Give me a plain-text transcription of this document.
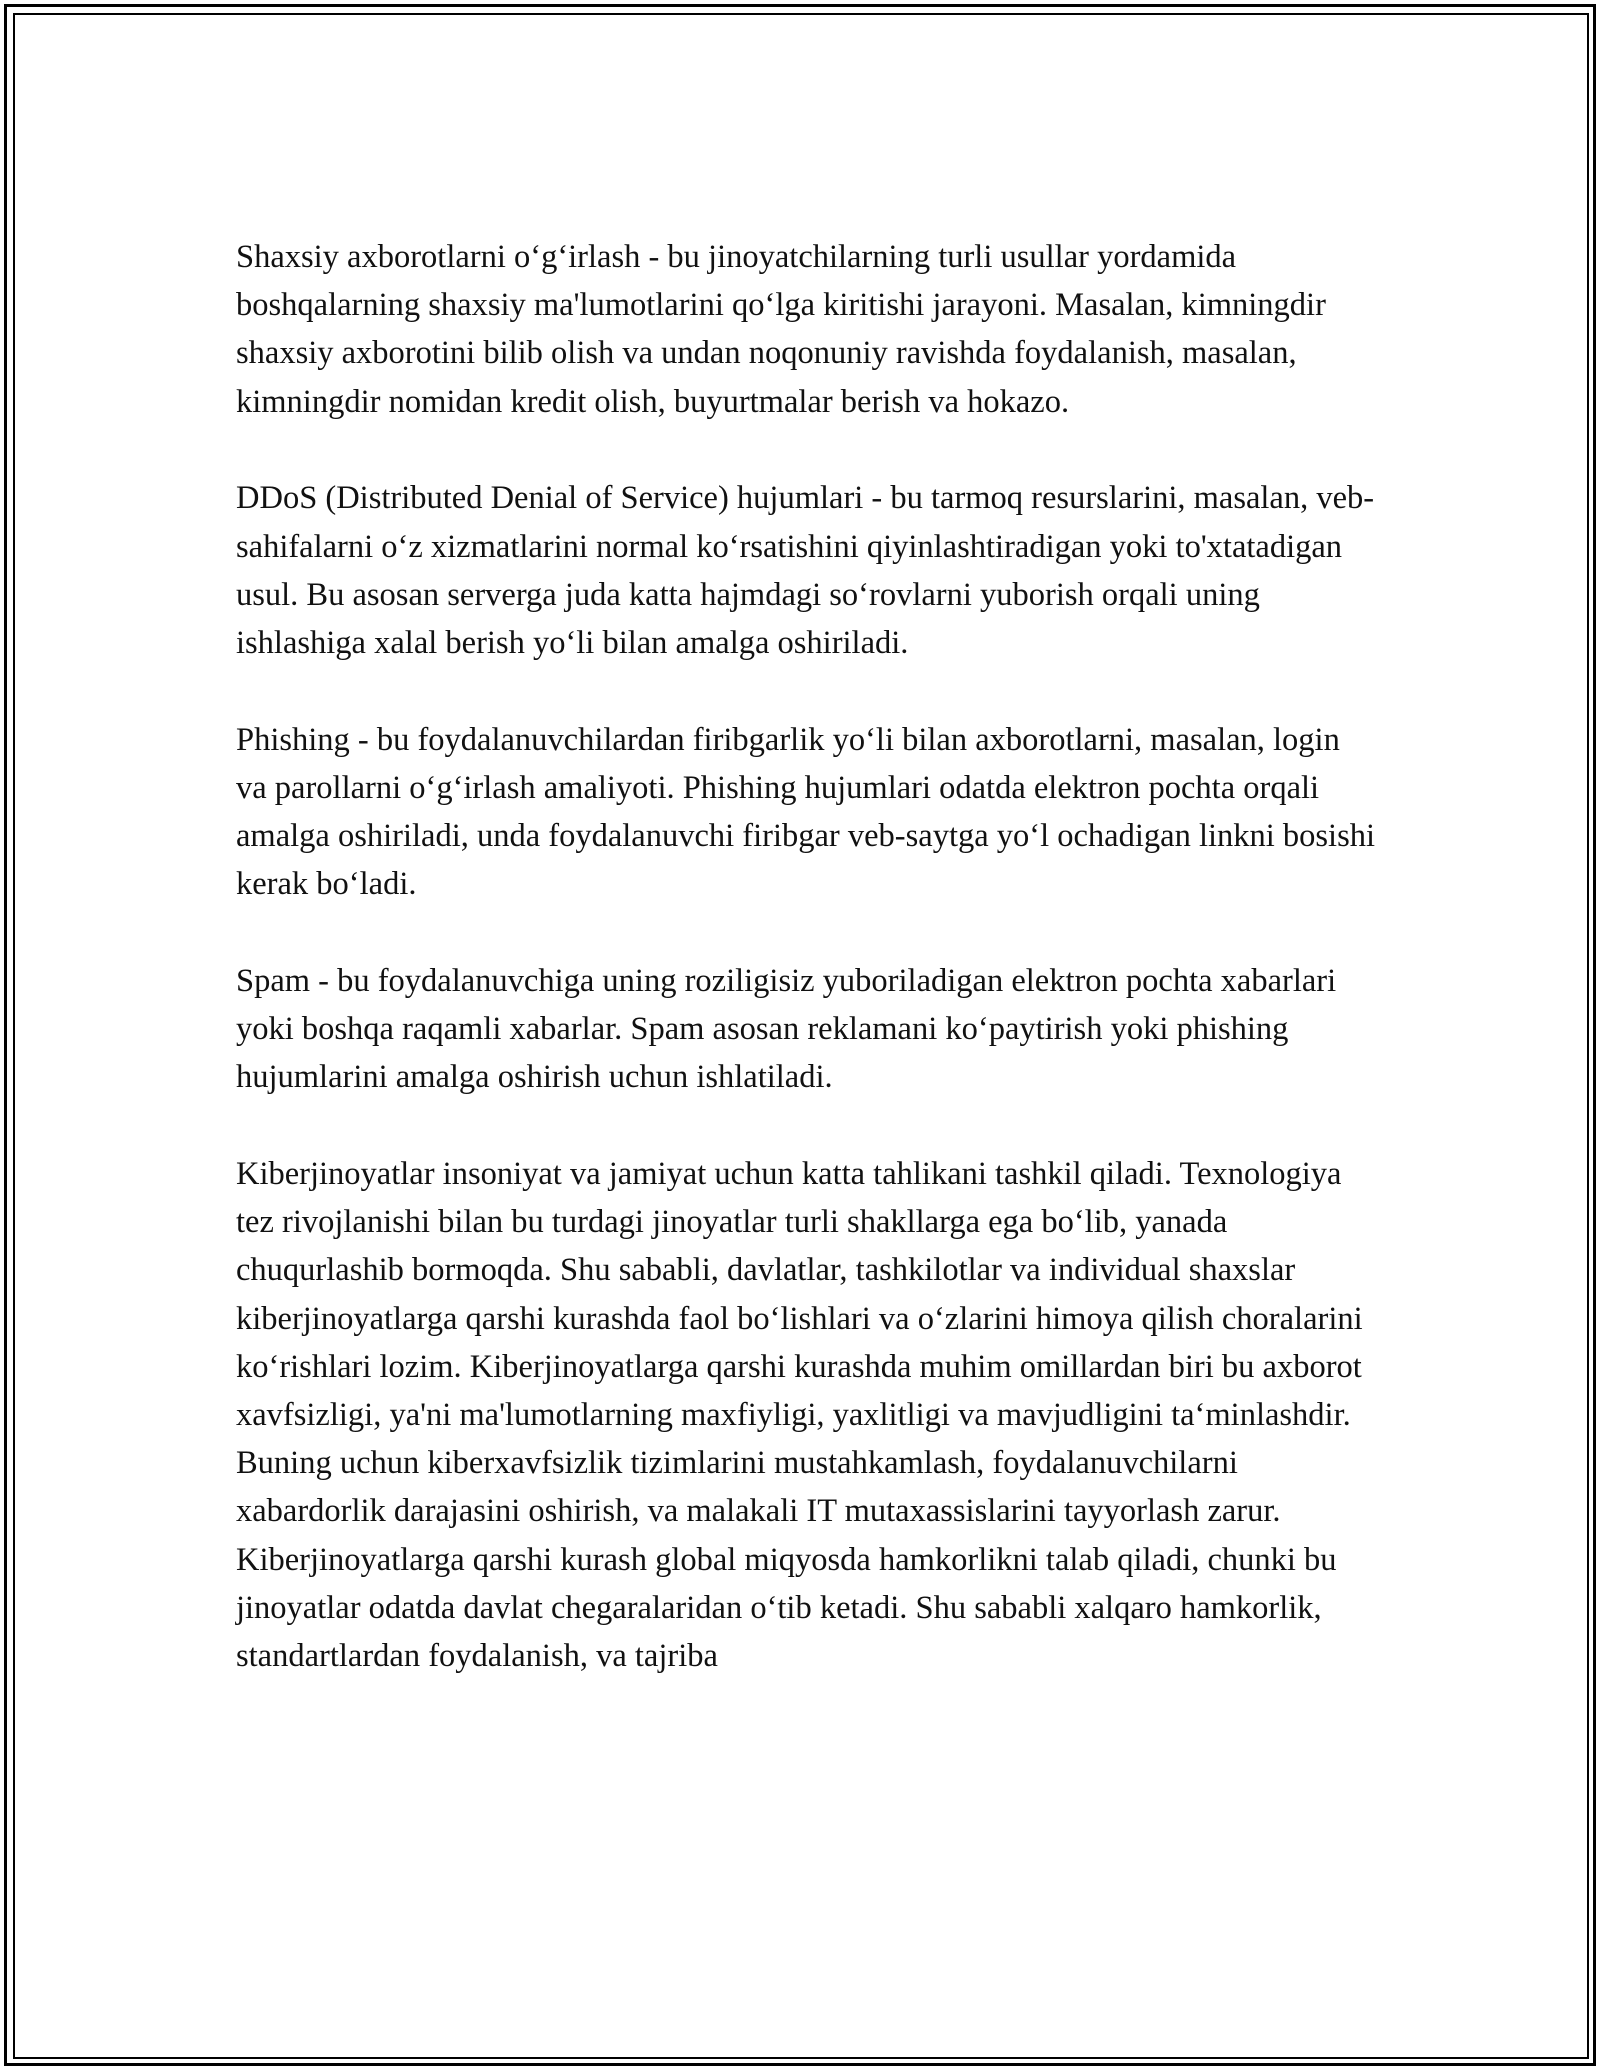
Shaxsiy axborotlarni o‘g‘irlash - bu jinoyatchilarning turli usullar yordamida boshqalarning shaxsiy ma'lumotlarini qo‘lga kiritishi jarayoni. Masalan, kimningdir shaxsiy axborotini bilib olish va undan noqonuniy ravishda foydalanish, masalan, kimningdir nomidan kredit olish, buyurtmalar berish va hokazo.

DDoS (Distributed Denial of Service) hujumlari - bu tarmoq resurslarini, masalan, veb-sahifalarni o‘z xizmatlarini normal ko‘rsatishini qiyinlashtiradigan yoki to'xtatadigan usul. Bu asosan serverga juda katta hajmdagi so‘rovlarni yuborish orqali uning ishlashiga xalal berish yo‘li bilan amalga oshiriladi.

Phishing - bu foydalanuvchilardan firibgarlik yo‘li bilan axborotlarni, masalan, login va parollarni o‘g‘irlash amaliyoti. Phishing hujumlari odatda elektron pochta orqali amalga oshiriladi, unda foydalanuvchi firibgar veb-saytga yo‘l ochadigan linkni bosishi kerak bo‘ladi.

Spam - bu foydalanuvchiga uning roziligisiz yuboriladigan elektron pochta xabarlari yoki boshqa raqamli xabarlar. Spam asosan reklamani ko‘paytirish yoki phishing hujumlarini amalga oshirish uchun ishlatiladi.

Kiberjinoyatlar insoniyat va jamiyat uchun katta tahlikani tashkil qiladi. Texnologiya tez rivojlanishi bilan bu turdagi jinoyatlar turli shakllarga ega bo‘lib, yanada chuqurlashib bormoqda. Shu sababli, davlatlar, tashkilotlar va individual shaxslar kiberjinoyatlarga qarshi kurashda faol bo‘lishlari va o‘zlarini himoya qilish choralarini ko‘rishlari lozim. Kiberjinoyatlarga qarshi kurashda muhim omillardan biri bu axborot xavfsizligi, ya'ni ma'lumotlarning maxfiyligi, yaxlitligi va mavjudligini ta‘minlashdir. Buning uchun kiberxavfsizlik tizimlarini mustahkamlash, foydalanuvchilarni xabardorlik darajasini oshirish, va malakali IT mutaxassislarini tayyorlash zarur. Kiberjinoyatlarga qarshi kurash global miqyosda hamkorlikni talab qiladi, chunki bu jinoyatlar odatda davlat chegaralaridan o‘tib ketadi. Shu sababli xalqaro hamkorlik, standartlardan foydalanish, va tajriba
